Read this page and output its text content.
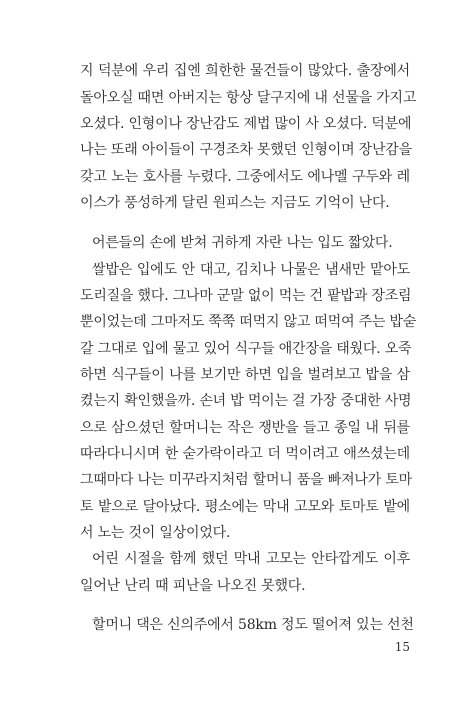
지 덕분에 우리 집엔 희한한 물건들이 많았다. 출장에서
돌아오실 때면 아버지는 항상 달구지에 내 선물을 가지고
오셨다. 인형이나 장난감도 제법 많이 사 오셨다. 덕분에
나는 또래 아이들이 구경조차 못했던 인형이며 장난감을
갖고 노는 호사를 누렸다. 그중에서도 에나멜 구두와 레
이스가 풍성하게 달린 원피스는 지금도 기억이 난다.
어른들의 손에 받쳐 귀하게 자란 나는 입도 짧았다.
쌀밥은 입에도 안 대고, 김치나 나물은 냄새만 맡아도
도리질을 했다. 그나마 군말 없이 먹는 건 팥밥과 장조림
뿐이었는데 그마저도 쭉쭉 떠먹지 않고 떠먹여 주는 밥숟
갈 그대로 입에 물고 있어 식구들 애간장을 태웠다. 오죽
하면 식구들이 나를 보기만 하면 입을 벌려보고 밥을 삼
켰는지 확인했을까. 손녀 밥 먹이는 걸 가장 중대한 사명
으로 삼으셨던 할머니는 작은 쟁반을 들고 종일 내 뒤를
따라다니시며 한 숟가락이라고 더 먹이려고 애쓰셨는데
그때마다 나는 미꾸라지처럼 할머니 품을 빠져나가 토마
토 밭으로 달아났다. 평소에는 막내 고모와 토마토 밭에
서 노는 것이 일상이었다.
어린 시절을 함께 했던 막내 고모는 안타깝게도 이후
일어난 난리 때 피난을 나오진 못했다.
할머니 댁은 신의주에서 58km 정도 떨어져 있는 선천
15
